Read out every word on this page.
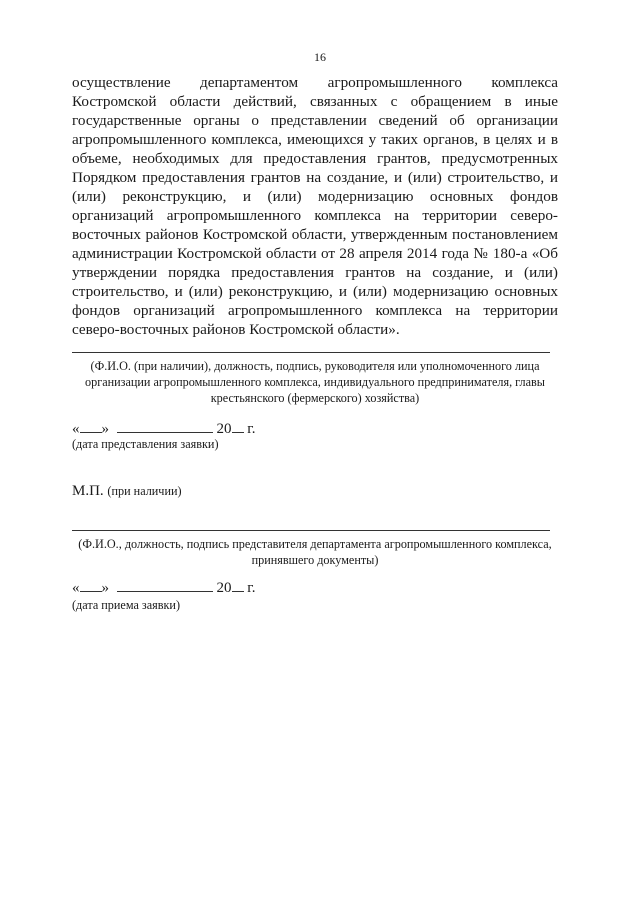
16

осуществление департаментом агропромышленного комплекса Костромской области действий, связанных с обращением в иные государственные органы о представлении сведений об организации агропромышленного комплекса, имеющихся у таких органов, в целях и в объеме, необходимых для предоставления грантов, предусмотренных Порядком предоставления грантов на создание, и (или) строительство, и (или) реконструкцию, и (или) модернизацию основных фондов организаций агропромышленного комплекса на территории северо-восточных районов Костромской области, утвержденным постановлением администрации Костромской области от 28 апреля 2014 года № 180-а «Об утверждении порядка предоставления грантов на создание, и (или) строительство, и (или) реконструкцию, и (или) модернизацию основных фондов организаций агропромышленного комплекса на территории северо-восточных районов Костромской области».

(Ф.И.О. (при наличии), должность, подпись, руководителя или уполномоченного лица организации агропромышленного комплекса, индивидуального предпринимателя, главы крестьянского (фермерского) хозяйства)
« »	20 г.
(дата представления заявки)
М.П. (при наличии)
(Ф.И.О., должность, подпись представителя департамента агропромышленного комплекса, принявшего документы)
« »	20 г.
(дата приема заявки)
